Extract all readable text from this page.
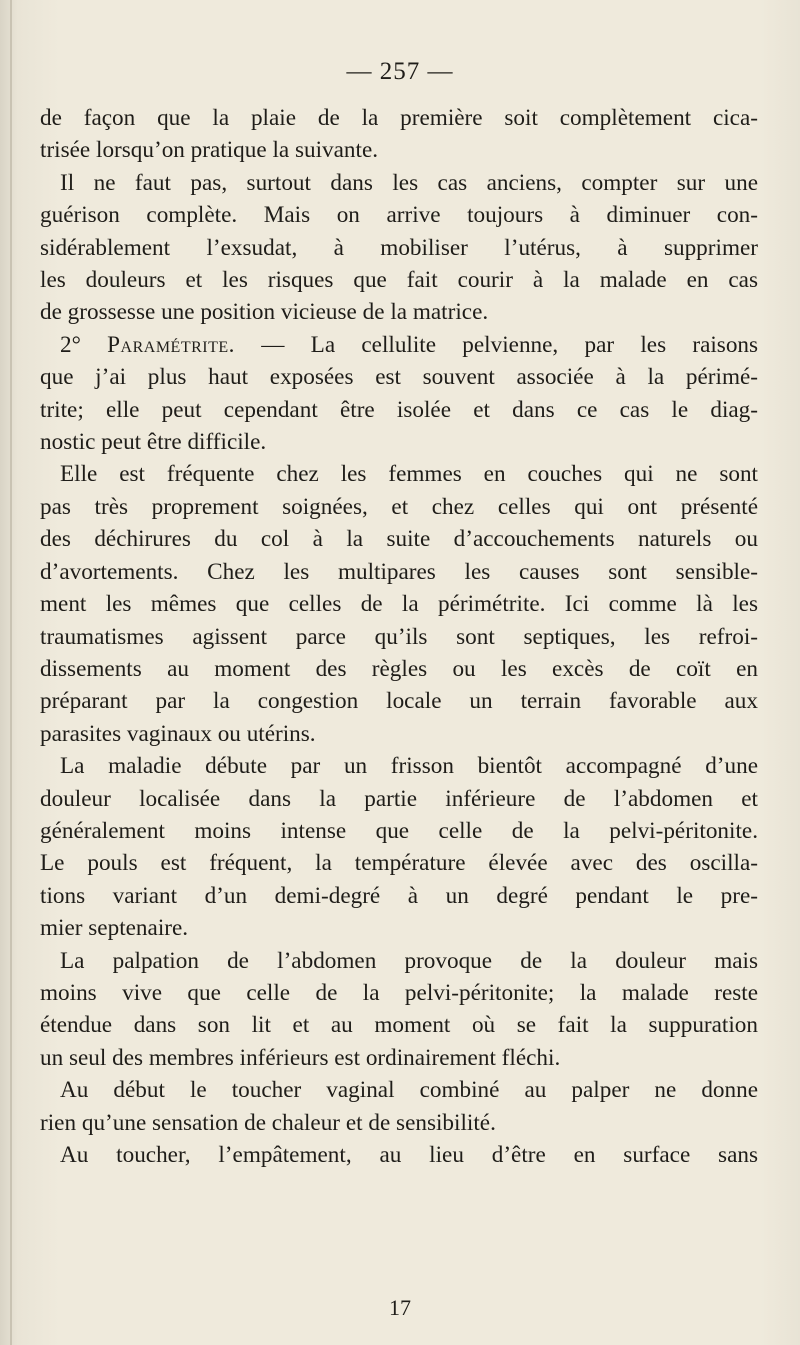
— 257 —
de façon que la plaie de la première soit complètement cica-
trisée lorsqu’on pratique la suivante.
Il ne faut pas, surtout dans les cas anciens, compter sur une
guérison complète. Mais on arrive toujours à diminuer con-
sidérablement l’exsudat, à mobiliser l’utérus, à supprimer
les douleurs et les risques que fait courir à la malade en cas
de grossesse une position vicieuse de la matrice.
2° Paramétrite. — La cellulite pelvienne, par les raisons
que j’ai plus haut exposées est souvent associée à la périmé-
trite; elle peut cependant être isolée et dans ce cas le diag-
nostic peut être difficile.
Elle est fréquente chez les femmes en couches qui ne sont
pas très proprement soignées, et chez celles qui ont présenté
des déchirures du col à la suite d’accouchements naturels ou
d’avortements. Chez les multipares les causes sont sensible-
ment les mêmes que celles de la périmétrite. Ici comme là les
traumatismes agissent parce qu’ils sont septiques, les refroi-
dissements au moment des règles ou les excès de coït en
préparant par la congestion locale un terrain favorable aux
parasites vaginaux ou utérins.
La maladie débute par un frisson bientôt accompagné d’une
douleur localisée dans la partie inférieure de l’abdomen et
généralement moins intense que celle de la pelvi-péritonite.
Le pouls est fréquent, la température élevée avec des oscilla-
tions variant d’un demi-degré à un degré pendant le pre-
mier septenaire.
La palpation de l’abdomen provoque de la douleur mais
moins vive que celle de la pelvi-péritonite; la malade reste
étendue dans son lit et au moment où se fait la suppuration
un seul des membres inférieurs est ordinairement fléchi.
Au début le toucher vaginal combiné au palper ne donne
rien qu’une sensation de chaleur et de sensibilité.
Au toucher, l’empâtement, au lieu d’être en surface sans
17
